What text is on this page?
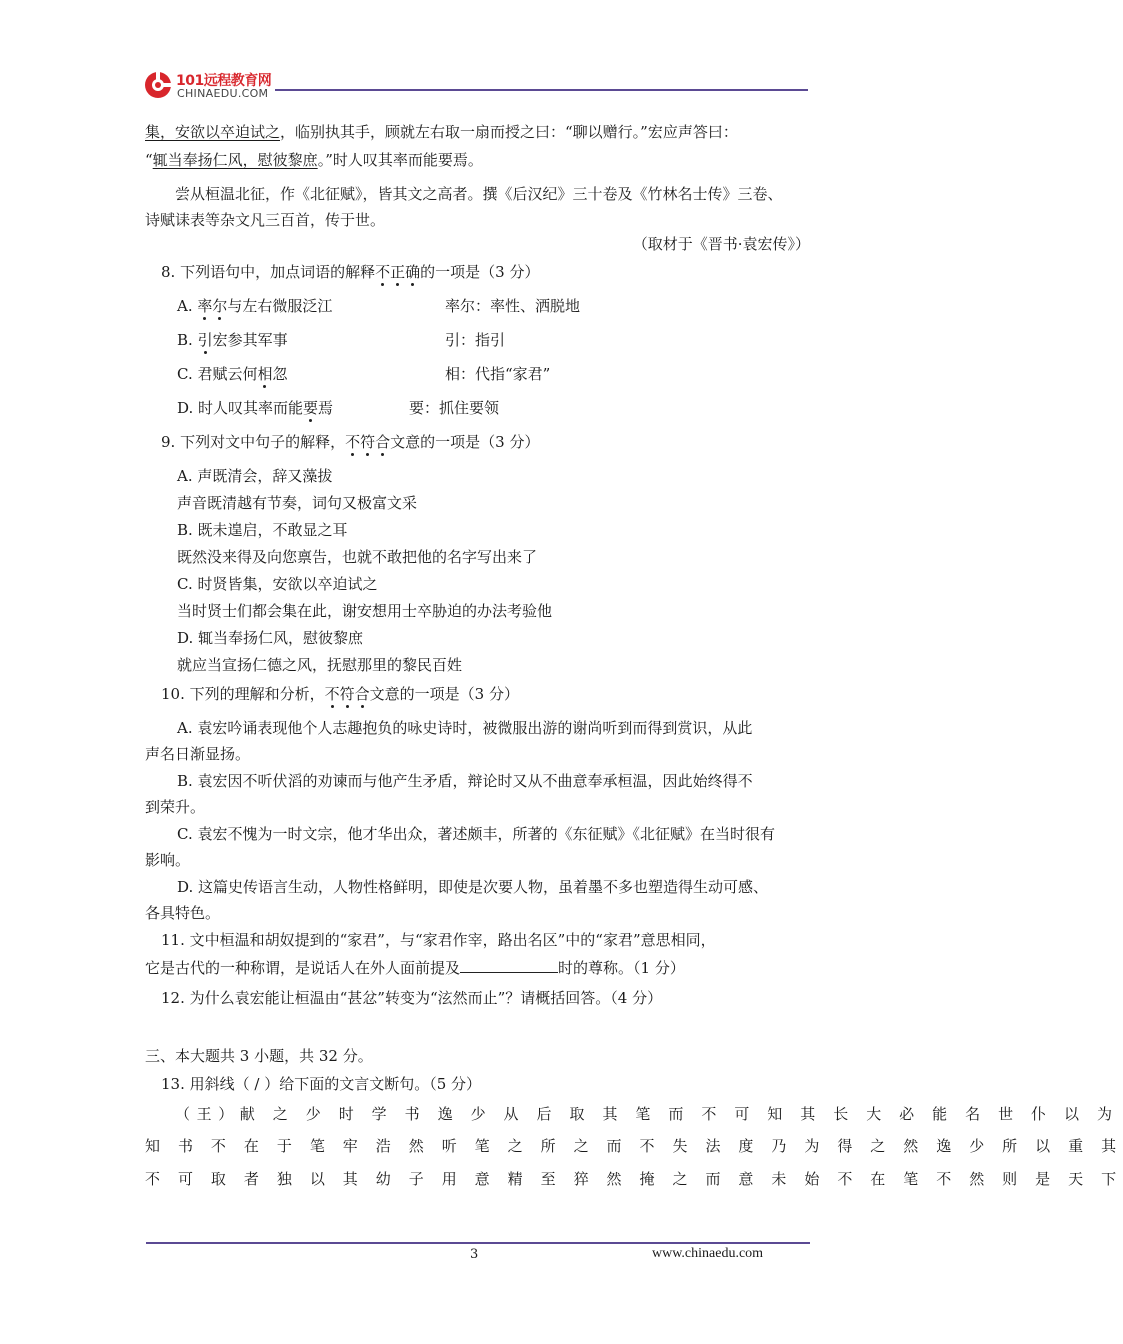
101远程教育网
CHINAEDU.COM
集，安欲以卒迫试之，临别执其手，顾就左右取一扇而授之曰：“聊以赠行。”宏应声答曰：
“辄当奉扬仁风，慰彼黎庶。”时人叹其率而能要焉。
尝从桓温北征，作《北征赋》，皆其文之高者。撰《后汉纪》三十卷及《竹林名士传》三卷、
诗赋诔表等杂文凡三百首，传于世。
（取材于《晋书·袁宏传》）
8. 下列语句中，加点词语的解释不正确的一项是（3 分）
A. 率尔与左右微服泛江	率尔：率性、洒脱地
B. 引宏参其军事	引：指引
C. 君赋云何相忽	相：代指“家君”
D. 时人叹其率而能要焉	要：抓住要领
9. 下列对文中句子的解释，不符合文意的一项是（3 分）
A. 声既清会，辞又藻拔
声音既清越有节奏，词句又极富文采
B. 既未遑启，不敢显之耳
既然没来得及向您禀告，也就不敢把他的名字写出来了
C. 时贤皆集，安欲以卒迫试之
当时贤士们都会集在此，谢安想用士卒胁迫的办法考验他
D. 辄当奉扬仁风，慰彼黎庶
就应当宣扬仁德之风，抚慰那里的黎民百姓
10. 下列的理解和分析，不符合文意的一项是（3 分）
A. 袁宏吟诵表现他个人志趣抱负的咏史诗时，被微服出游的谢尚听到而得到赏识，从此
声名日渐显扬。
B. 袁宏因不听伏滔的劝谏而与他产生矛盾，辩论时又从不曲意奉承桓温，因此始终得不
到荣升。
C. 袁宏不愧为一时文宗，他才华出众，著述颇丰，所著的《东征赋》《北征赋》在当时很有
影响。
D. 这篇史传语言生动，人物性格鲜明，即使是次要人物，虽着墨不多也塑造得生动可感、
各具特色。
11. 文中桓温和胡奴提到的“家君”，与“家君作宰，路出名区”中的“家君”意思相同，
它是古代的一种称谓，是说话人在外人面前提及	时的尊称。（1 分）
12. 为什么袁宏能让桓温由“甚忿”转变为“泫然而止”？请概括回答。（4 分）
三、本大题共 3 小题，共 32 分。
13. 用斜线（ / ）给下面的文言文断句。（5 分）
（王）献 之 少 时 学 书 逸 少 从 后 取 其 笔 而 不 可 知 其 长 大 必 能 名 世 仆 以 为
知 书 不 在 于 笔 牢 浩 然 听 笔 之 所 之 而 不 失 法 度 乃 为 得 之 然 逸 少 所 以 重 其
不 可 取 者 独 以 其 幼 子 用 意 精 至 猝 然 掩 之 而 意 未 始 不 在 笔 不 然 则 是 天 下
3	www.chinaedu.com
